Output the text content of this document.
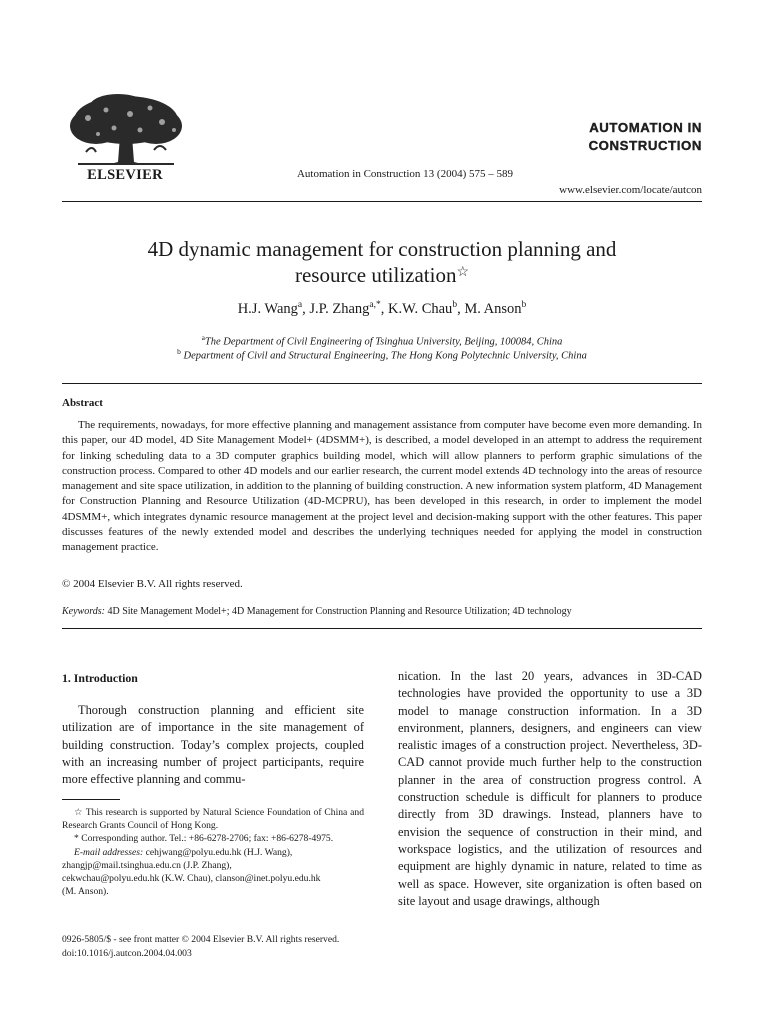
ELSEVIER	Automation in Construction 13 (2004) 575 – 589
AUTOMATION IN
CONSTRUCTION
www.elsevier.com/locate/autcon
4D dynamic management for construction planning and
resource utilization☆
H.J. Wang$^a$, J.P. Zhang$^{a,*}$, K.W. Chau$^b$, M. Anson$^b$
$^a$The Department of Civil Engineering of Tsinghua University, Beijing, 100084, China
$^b$ Department of Civil and Structural Engineering, The Hong Kong Polytechnic University, China
Abstract

The requirements, nowadays, for more effective planning and management assistance from computer have become even more demanding. In this paper, our 4D model, 4D Site Management Model+ (4DSMM+), is described, a model developed in an attempt to address the requirement for linking scheduling data to a 3D computer graphics building model, which will allow planners to perform graphic simulations of the construction process. Compared to other 4D models and our earlier research, the current model extends 4D technology into the areas of resource management and site space utilization, in addition to the planning of building construction. A new information system platform, 4D Management for Construction Planning and Resource Utilization (4D-MCPRU), has been developed in this research, in order to implement the model 4DSMM+, which integrates dynamic resource management at the project level and decision-making support with the other features. This paper discusses features of the newly extended model and describes the underlying techniques needed for applying the model in construction management practice.

© 2004 Elsevier B.V. All rights reserved.
Keywords: 4D Site Management Model+; 4D Management for Construction Planning and Resource Utilization; 4D technology
1. Introduction

Thorough construction planning and efficient site utilization are of importance in the site management of building construction. Today’s complex projects, coupled with an increasing number of project participants, require more effective planning and commu-

nication. In the last 20 years, advances in 3D-CAD technologies have provided the opportunity to use a 3D model to manage construction information. In a 3D environment, planners, designers, and engineers can view realistic images of a construction project. Nevertheless, 3D-CAD cannot provide much further help to the construction planner in the area of construction progress control. A construction schedule is difficult for planners to produce directly from 3D drawings. Instead, planners have to envision the sequence of construction in their mind, and workspace logistics, and the utilization of resources and equipment are highly dynamic in nature, related to time as well as space. However, site organization is often based on site layout and usage drawings, although

☆ This research is supported by Natural Science Foundation of China and Research Grants Council of Hong Kong.

* Corresponding author. Tel.: +86-6278-2706; fax: +86-6278-4975.

E-mail addresses: cehjwang@polyu.edu.hk (H.J. Wang),

zhangjp@mail.tsinghua.edu.cn (J.P. Zhang),

cekwchau@polyu.edu.hk (K.W. Chau), clanson@inet.polyu.edu.hk

(M. Anson).

0926-5805/$ - see front matter © 2004 Elsevier B.V. All rights reserved.
doi:10.1016/j.autcon.2004.04.003
